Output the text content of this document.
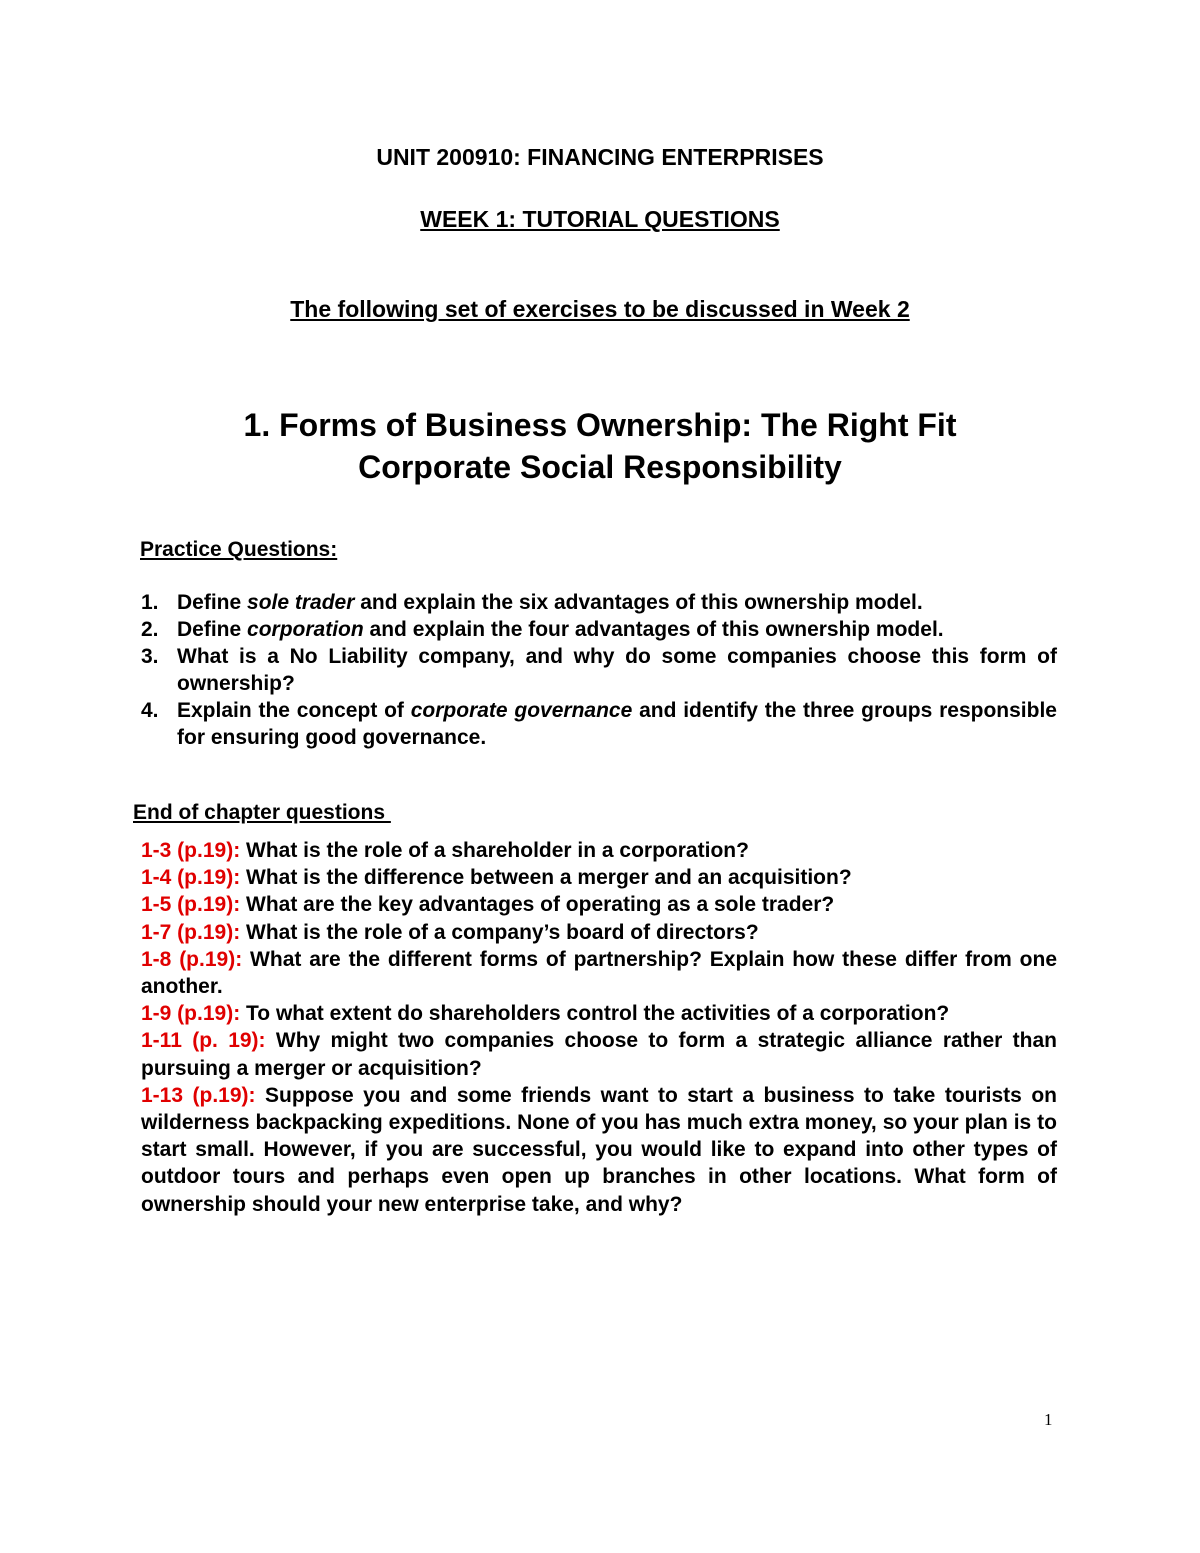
UNIT 200910: FINANCING ENTERPRISES
WEEK 1: TUTORIAL QUESTIONS
The following set of exercises to be discussed in Week 2
1. Forms of Business Ownership: The Right Fit
Corporate Social Responsibility
Practice Questions:
1. Define sole trader and explain the six advantages of this ownership model.
2. Define corporation and explain the four advantages of this ownership model.
3. What is a No Liability company, and why do some companies choose this form of ownership?
4. Explain the concept of corporate governance and identify the three groups responsible for ensuring good governance.
End of chapter questions
1-3 (p.19): What is the role of a shareholder in a corporation?
1-4 (p.19): What is the difference between a merger and an acquisition?
1-5 (p.19): What are the key advantages of operating as a sole trader?
1-7 (p.19): What is the role of a company’s board of directors?
1-8 (p.19): What are the different forms of partnership? Explain how these differ from one another.
1-9 (p.19): To what extent do shareholders control the activities of a corporation?
1-11 (p. 19): Why might two companies choose to form a strategic alliance rather than pursuing a merger or acquisition?
1-13 (p.19): Suppose you and some friends want to start a business to take tourists on wilderness backpacking expeditions. None of you has much extra money, so your plan is to start small. However, if you are successful, you would like to expand into other types of outdoor tours and perhaps even open up branches in other locations. What form of ownership should your new enterprise take, and why?
1
